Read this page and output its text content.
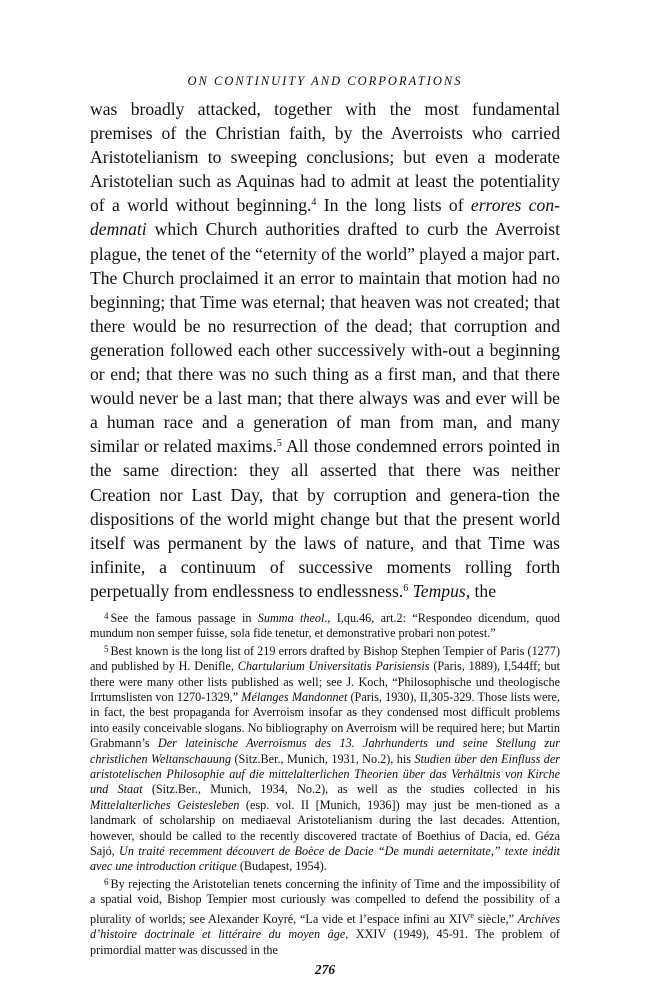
ON CONTINUITY AND CORPORATIONS

was broadly attacked, together with the most fundamental premises of the Christian faith, by the Averroists who carried Aristotelianism to sweeping conclusions; but even a moderate Aristotelian such as Aquinas had to admit at least the potentiality of a world without beginning.$^4$ In the long lists of errores con-demnati which Church authorities drafted to curb the Averroist plague, the tenet of the “eternity of the world” played a major part. The Church proclaimed it an error to maintain that motion had no beginning; that Time was eternal; that heaven was not created; that there would be no resurrection of the dead; that corruption and generation followed each other successively with-out a beginning or end; that there was no such thing as a first man, and that there would never be a last man; that there always was and ever will be a human race and a generation of man from man, and many similar or related maxims.$^5$ All those condemned errors pointed in the same direction: they all asserted that there was neither Creation nor Last Day, that by corruption and genera-tion the dispositions of the world might change but that the present world itself was permanent by the laws of nature, and that Time was infinite, a continuum of successive moments rolling forth perpetually from endlessness to endlessness.$^6$ Tempus, the

$^4$ See the famous passage in Summa theol., I,qu.46, art.2: “Respondeo dicendum, quod mundum non semper fuisse, sola fide tenetur, et demonstrative probari non potest.”

$^5$ Best known is the long list of 219 errors drafted by Bishop Stephen Tempier of Paris (1277) and published by H. Denifle, Chartularium Universitatis Parisiensis (Paris, 1889), I,544ff; but there were many other lists published as well; see J. Koch, “Philosophische und theologische Irrtumslisten von 1270-1329,” Mélanges Mandonnet (Paris, 1930), II,305-329. Those lists were, in fact, the best propaganda for Averroism insofar as they condensed most difficult problems into easily conceivable slogans. No bibliography on Averroism will be required here; but Martin Grabmann’s Der lateinische Averroismus des 13. Jahrhunderts und seine Stellung zur christlichen Weltanschauung (Sitz.Ber., Munich, 1931, No.2), his Studien über den Einfluss der aristotelischen Philosophie auf die mittelalterlichen Theorien über das Verhältnis von Kirche und Staat (Sitz.Ber., Munich, 1934, No.2), as well as the studies collected in his Mittelalterliches Geistesleben (esp. vol. II [Munich, 1936]) may just be men-tioned as a landmark of scholarship on mediaeval Aristotelianism during the last decades. Attention, however, should be called to the recently discovered tractate of Boethius of Dacia, ed. Géza Sajó, Un traité recemment découvert de Boèce de Dacie “De mundi aeternitate,” texte inédit avec une introduction critique (Budapest, 1954).

$^6$ By rejecting the Aristotelian tenets concerning the infinity of Time and the impossibility of a spatial void, Bishop Tempier most curiously was compelled to defend the possibility of a plurality of worlds; see Alexander Koyré, “La vide et l’espace infini au XIVe siècle,” Archives d’histoire doctrinale et littéraire du moyen âge, XXIV (1949), 45-91. The problem of primordial matter was discussed in the

276
